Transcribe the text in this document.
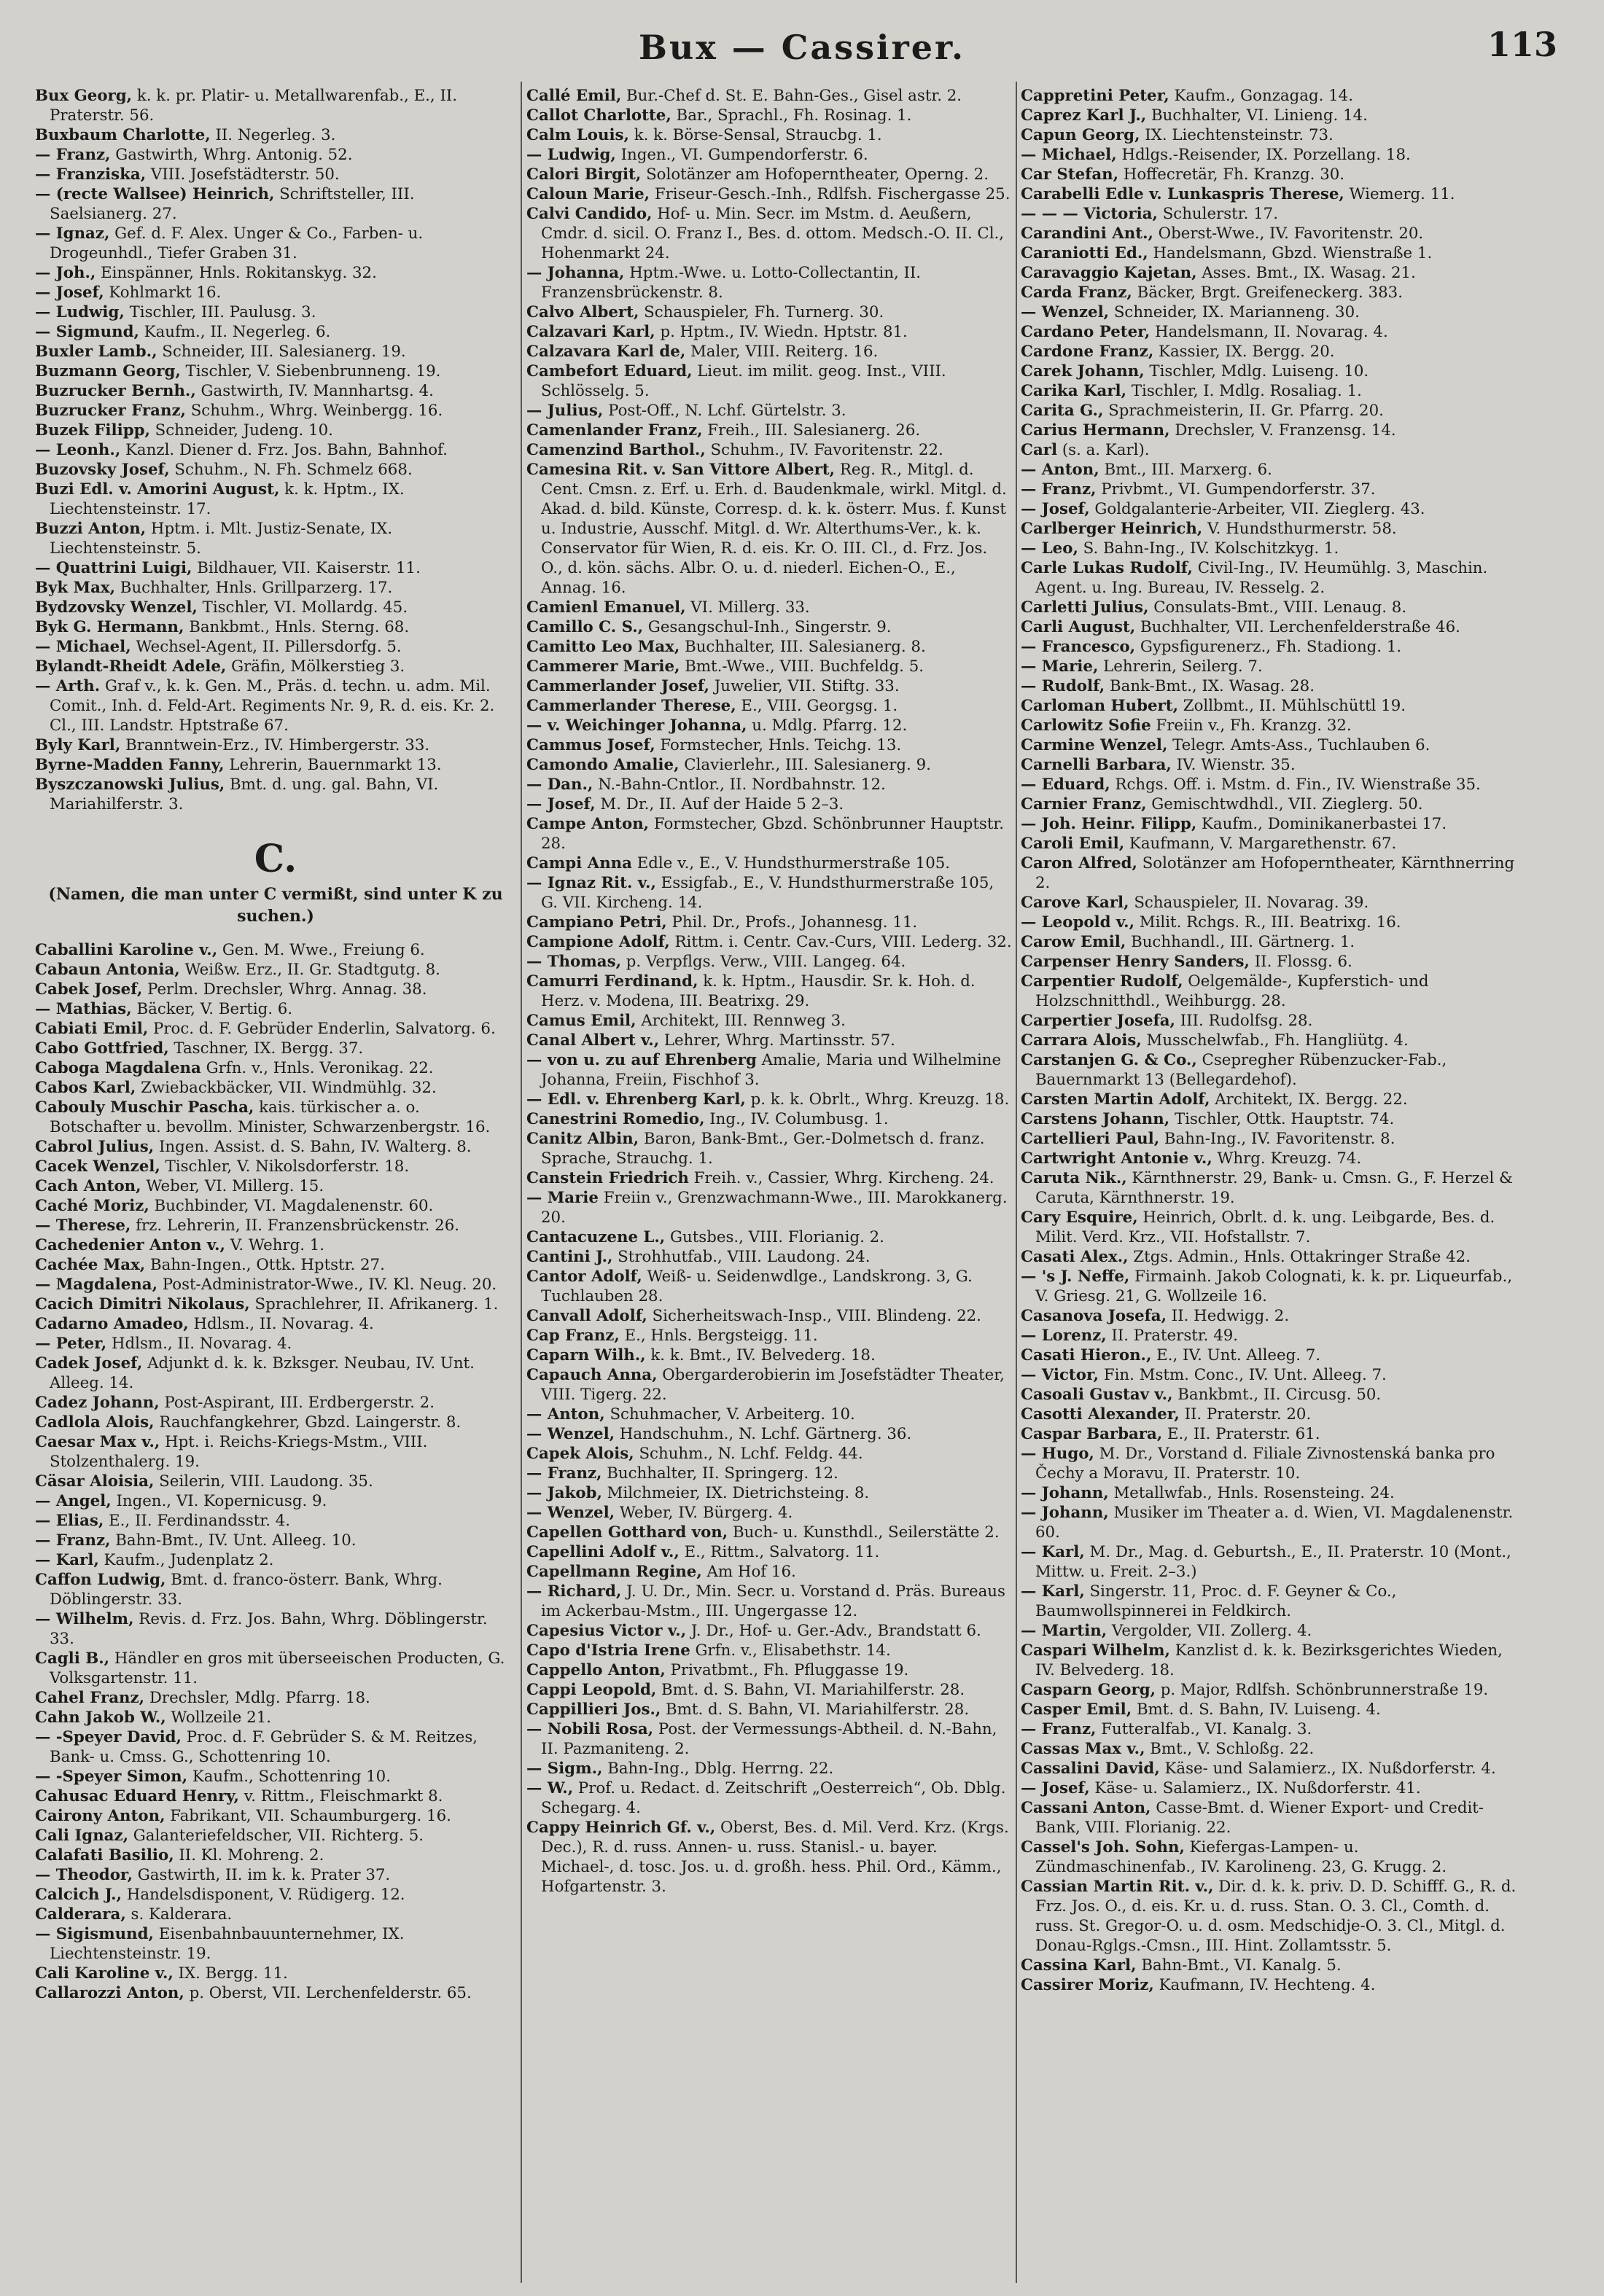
Bux — Cassirer.	113

Bux Georg, k. k. pr. Platir- u. Metallwarenfab., E., II. Praterstr. 56.

Buxbaum Charlotte, II. Negerleg. 3.

— Franz, Gastwirth, Whrg. Antonig. 52.

— Franziska, VIII. Josefstädterstr. 50.

— (recte Wallsee) Heinrich, Schriftsteller, III. Saelsianerg. 27.

— Ignaz, Gef. d. F. Alex. Unger & Co., Farben- u. Drogeunhdl., Tiefer Graben 31.

— Joh., Einspänner, Hnls. Rokitanskyg. 32.

— Josef, Kohlmarkt 16.

— Ludwig, Tischler, III. Paulusg. 3.

— Sigmund, Kaufm., II. Negerleg. 6.

Buxler Lamb., Schneider, III. Salesianerg. 19.

Buzmann Georg, Tischler, V. Siebenbrunneng. 19.

Buzrucker Bernh., Gastwirth, IV. Mannhartsg. 4.

Buzrucker Franz, Schuhm., Whrg. Weinbergg. 16.

Buzek Filipp, Schneider, Judeng. 10.

— Leonh., Kanzl. Diener d. Frz. Jos. Bahn, Bahnhof.

Buzovsky Josef, Schuhm., N. Fh. Schmelz 668.

Buzi Edl. v. Amorini August, k. k. Hptm., IX. Liechtensteinstr. 17.

Buzzi Anton, Hptm. i. Mlt. Justiz-Senate, IX. Liechtensteinstr. 5.

— Quattrini Luigi, Bildhauer, VII. Kaiserstr. 11.

Byk Max, Buchhalter, Hnls. Grillparzerg. 17.

Bydzovsky Wenzel, Tischler, VI. Mollardg. 45.

Byk G. Hermann, Bankbmt., Hnls. Sterng. 68.

— Michael, Wechsel-Agent, II. Pillersdorfg. 5.

Bylandt-Rheidt Adele, Gräfin, Mölkerstieg 3.

— Arth. Graf v., k. k. Gen. M., Präs. d. techn. u. adm. Mil. Comit., Inh. d. Feld-Art. Regiments Nr. 9, R. d. eis. Kr. 2. Cl., III. Landstr. Hptstraße 67.

Byly Karl, Branntwein-Erz., IV. Himbergerstr. 33.

Byrne-Madden Fanny, Lehrerin, Bauernmarkt 13.

Byszczanowski Julius, Bmt. d. ung. gal. Bahn, VI. Mariahilferstr. 3.

C.
(Namen, die man unter C vermißt, sind unter K zu suchen.)

Caballini Karoline v., Gen. M. Wwe., Freiung 6.

Cabaun Antonia, Weißw. Erz., II. Gr. Stadtgutg. 8.

Cabek Josef, Perlm. Drechsler, Whrg. Annag. 38.

— Mathias, Bäcker, V. Bertig. 6.

Cabiati Emil, Proc. d. F. Gebrüder Enderlin, Salvatorg. 6.

Cabo Gottfried, Taschner, IX. Bergg. 37.

Caboga Magdalena Grfn. v., Hnls. Veronikag. 22.

Cabos Karl, Zwiebackbäcker, VII. Windmühlg. 32.

Cabouly Muschir Pascha, kais. türkischer a. o. Botschafter u. bevollm. Minister, Schwarzenbergstr. 16.

Cabrol Julius, Ingen. Assist. d. S. Bahn, IV. Walterg. 8.

Cacek Wenzel, Tischler, V. Nikolsdorferstr. 18.

Cach Anton, Weber, VI. Millerg. 15.

Caché Moriz, Buchbinder, VI. Magdalenenstr. 60.

— Therese, frz. Lehrerin, II. Franzensbrückenstr. 26.

Cachedenier Anton v., V. Wehrg. 1.

Cachée Max, Bahn-Ingen., Ottk. Hptstr. 27.

— Magdalena, Post-Administrator-Wwe., IV. Kl. Neug. 20.

Cacich Dimitri Nikolaus, Sprachlehrer, II. Afrikanerg. 1.

Cadarno Amadeo, Hdlsm., II. Novarag. 4.

— Peter, Hdlsm., II. Novarag. 4.

Cadek Josef, Adjunkt d. k. k. Bzksger. Neubau, IV. Unt. Alleeg. 14.

Cadez Johann, Post-Aspirant, III. Erdbergerstr. 2.

Cadlola Alois, Rauchfangkehrer, Gbzd. Laingerstr. 8.

Caesar Max v., Hpt. i. Reichs-Kriegs-Mstm., VIII. Stolzenthalerg. 19.

Cäsar Aloisia, Seilerin, VIII. Laudong. 35.

— Angel, Ingen., VI. Kopernicusg. 9.

— Elias, E., II. Ferdinandsstr. 4.

— Franz, Bahn-Bmt., IV. Unt. Alleeg. 10.

— Karl, Kaufm., Judenplatz 2.

Caffon Ludwig, Bmt. d. franco-österr. Bank, Whrg. Döblingerstr. 33.

— Wilhelm, Revis. d. Frz. Jos. Bahn, Whrg. Döblingerstr. 33.

Cagli B., Händler en gros mit überseeischen Producten, G. Volksgartenstr. 11.

Cahel Franz, Drechsler, Mdlg. Pfarrg. 18.

Cahn Jakob W., Wollzeile 21.

— -Speyer David, Proc. d. F. Gebrüder S. & M. Reitzes, Bank- u. Cmss. G., Schottenring 10.

— -Speyer Simon, Kaufm., Schottenring 10.

Cahusac Eduard Henry, v. Rittm., Fleischmarkt 8.

Cairony Anton, Fabrikant, VII. Schaumburgerg. 16.

Cali Ignaz, Galanteriefeldscher, VII. Richterg. 5.

Calafati Basilio, II. Kl. Mohreng. 2.

— Theodor, Gastwirth, II. im k. k. Prater 37.

Calcich J., Handelsdisponent, V. Rüdigerg. 12.

Calderara, s. Kalderara.

— Sigismund, Eisenbahnbauunternehmer, IX. Liechtensteinstr. 19.

Cali Karoline v., IX. Bergg. 11.

Callarozzi Anton, p. Oberst, VII. Lerchenfelderstr. 65.

Callé Emil, Bur.-Chef d. St. E. Bahn-Ges., Gisel astr. 2.

Callot Charlotte, Bar., Sprachl., Fh. Rosinag. 1.

Calm Louis, k. k. Börse-Sensal, Straucbg. 1.

— Ludwig, Ingen., VI. Gumpendorferstr. 6.

Calori Birgit, Solotänzer am Hofoperntheater, Operng. 2.

Caloun Marie, Friseur-Gesch.-Inh., Rdlfsh. Fischergasse 25.

Calvi Candido, Hof- u. Min. Secr. im Mstm. d. Aeußern, Cmdr. d. sicil. O. Franz I., Bes. d. ottom. Medsch.-O. II. Cl., Hohenmarkt 24.

— Johanna, Hptm.-Wwe. u. Lotto-Collectantin, II. Franzensbrückenstr. 8.

Calvo Albert, Schauspieler, Fh. Turnerg. 30.

Calzavari Karl, p. Hptm., IV. Wiedn. Hptstr. 81.

Calzavara Karl de, Maler, VIII. Reiterg. 16.

Cambefort Eduard, Lieut. im milit. geog. Inst., VIII. Schlösselg. 5.

— Julius, Post-Off., N. Lchf. Gürtelstr. 3.

Camenlander Franz, Freih., III. Salesianerg. 26.

Camenzind Barthol., Schuhm., IV. Favoritenstr. 22.

Camesina Rit. v. San Vittore Albert, Reg. R., Mitgl. d. Cent. Cmsn. z. Erf. u. Erh. d. Baudenkmale, wirkl. Mitgl. d. Akad. d. bild. Künste, Corresp. d. k. k. österr. Mus. f. Kunst u. Industrie, Ausschf. Mitgl. d. Wr. Alterthums-Ver., k. k. Conservator für Wien, R. d. eis. Kr. O. III. Cl., d. Frz. Jos. O., d. kön. sächs. Albr. O. u. d. niederl. Eichen-O., E., Annag. 16.

Camienl Emanuel, VI. Millerg. 33.

Camillo C. S., Gesangschul-Inh., Singerstr. 9.

Camitto Leo Max, Buchhalter, III. Salesianerg. 8.

Cammerer Marie, Bmt.-Wwe., VIII. Buchfeldg. 5.

Cammerlander Josef, Juwelier, VII. Stiftg. 33.

Cammerlander Therese, E., VIII. Georgsg. 1.

— v. Weichinger Johanna, u. Mdlg. Pfarrg. 12.

Cammus Josef, Formstecher, Hnls. Teichg. 13.

Camondo Amalie, Clavierlehr., III. Salesianerg. 9.

— Dan., N.-Bahn-Cntlor., II. Nordbahnstr. 12.

— Josef, M. Dr., II. Auf der Haide 5 2–3.

Campe Anton, Formstecher, Gbzd. Schönbrunner Hauptstr. 28.

Campi Anna Edle v., E., V. Hundsthurmerstraße 105.

— Ignaz Rit. v., Essigfab., E., V. Hundsthurmerstraße 105, G. VII. Kircheng. 14.

Campiano Petri, Phil. Dr., Profs., Johannesg. 11.

Campione Adolf, Rittm. i. Centr. Cav.-Curs, VIII. Lederg. 32.

— Thomas, p. Verpflgs. Verw., VIII. Langeg. 64.

Camurri Ferdinand, k. k. Hptm., Hausdir. Sr. k. Hoh. d. Herz. v. Modena, III. Beatrixg. 29.

Camus Emil, Architekt, III. Rennweg 3.

Canal Albert v., Lehrer, Whrg. Martinsstr. 57.

— von u. zu auf Ehrenberg Amalie, Maria und Wilhelmine Johanna, Freiin, Fischhof 3.

— Edl. v. Ehrenberg Karl, p. k. k. Obrlt., Whrg. Kreuzg. 18.

Canestrini Romedio, Ing., IV. Columbusg. 1.

Canitz Albin, Baron, Bank-Bmt., Ger.-Dolmetsch d. franz. Sprache, Strauchg. 1.

Canstein Friedrich Freih. v., Cassier, Whrg. Kircheng. 24.

— Marie Freiin v., Grenzwachmann-Wwe., III. Marokkanerg. 20.

Cantacuzene L., Gutsbes., VIII. Florianig. 2.

Cantini J., Strohhutfab., VIII. Laudong. 24.

Cantor Adolf, Weiß- u. Seidenwdlge., Landskrong. 3, G. Tuchlauben 28.

Canvall Adolf, Sicherheitswach-Insp., VIII. Blindeng. 22.

Cap Franz, E., Hnls. Bergsteigg. 11.

Caparn Wilh., k. k. Bmt., IV. Belvederg. 18.

Capauch Anna, Obergarderobierin im Josefstädter Theater, VIII. Tigerg. 22.

— Anton, Schuhmacher, V. Arbeiterg. 10.

— Wenzel, Handschuhm., N. Lchf. Gärtnerg. 36.

Capek Alois, Schuhm., N. Lchf. Feldg. 44.

— Franz, Buchhalter, II. Springerg. 12.

— Jakob, Milchmeier, IX. Dietrichsteing. 8.

— Wenzel, Weber, IV. Bürgerg. 4.

Capellen Gotthard von, Buch- u. Kunsthdl., Seilerstätte 2.

Capellini Adolf v., E., Rittm., Salvatorg. 11.

Capellmann Regine, Am Hof 16.

— Richard, J. U. Dr., Min. Secr. u. Vorstand d. Präs. Bureaus im Ackerbau-Mstm., III. Ungergasse 12.

Capesius Victor v., J. Dr., Hof- u. Ger.-Adv., Brandstatt 6.

Capo d'Istria Irene Grfn. v., Elisabethstr. 14.

Cappello Anton, Privatbmt., Fh. Pfluggasse 19.

Cappi Leopold, Bmt. d. S. Bahn, VI. Mariahilferstr. 28.

Cappillieri Jos., Bmt. d. S. Bahn, VI. Mariahilferstr. 28.

— Nobili Rosa, Post. der Vermessungs-Abtheil. d. N.-Bahn, II. Pazmaniteng. 2.

— Sigm., Bahn-Ing., Dblg. Herrng. 22.

— W., Prof. u. Redact. d. Zeitschrift „Oesterreich“, Ob. Dblg. Schegarg. 4.

Cappy Heinrich Gf. v., Oberst, Bes. d. Mil. Verd. Krz. (Krgs. Dec.), R. d. russ. Annen- u. russ. Stanisl.- u. bayer. Michael-, d. tosc. Jos. u. d. großh. hess. Phil. Ord., Kämm., Hofgartenstr. 3.

Cappretini Peter, Kaufm., Gonzagag. 14.

Caprez Karl J., Buchhalter, VI. Linieng. 14.

Capun Georg, IX. Liechtensteinstr. 73.

— Michael, Hdlgs.-Reisender, IX. Porzellang. 18.

Car Stefan, Hoffecretär, Fh. Kranzg. 30.

Carabelli Edle v. Lunkaspris Therese, Wiemerg. 11.

— — — Victoria, Schulerstr. 17.

Carandini Ant., Oberst-Wwe., IV. Favoritenstr. 20.

Caraniotti Ed., Handelsmann, Gbzd. Wienstraße 1.

Caravaggio Kajetan, Asses. Bmt., IX. Wasag. 21.

Carda Franz, Bäcker, Brgt. Greifeneckerg. 383.

— Wenzel, Schneider, IX. Marianneng. 30.

Cardano Peter, Handelsmann, II. Novarag. 4.

Cardone Franz, Kassier, IX. Bergg. 20.

Carek Johann, Tischler, Mdlg. Luiseng. 10.

Carika Karl, Tischler, I. Mdlg. Rosaliag. 1.

Carita G., Sprachmeisterin, II. Gr. Pfarrg. 20.

Carius Hermann, Drechsler, V. Franzensg. 14.

Carl (s. a. Karl).

— Anton, Bmt., III. Marxerg. 6.

— Franz, Privbmt., VI. Gumpendorferstr. 37.

— Josef, Goldgalanterie-Arbeiter, VII. Zieglerg. 43.

Carlberger Heinrich, V. Hundsthurmerstr. 58.

— Leo, S. Bahn-Ing., IV. Kolschitzkyg. 1.

Carle Lukas Rudolf, Civil-Ing., IV. Heumühlg. 3, Maschin. Agent. u. Ing. Bureau, IV. Resselg. 2.

Carletti Julius, Consulats-Bmt., VIII. Lenaug. 8.

Carli August, Buchhalter, VII. Lerchenfelderstraße 46.

— Francesco, Gypsfigurenerz., Fh. Stadiong. 1.

— Marie, Lehrerin, Seilerg. 7.

— Rudolf, Bank-Bmt., IX. Wasag. 28.

Carloman Hubert, Zollbmt., II. Mühlschüttl 19.

Carlowitz Sofie Freiin v., Fh. Kranzg. 32.

Carmine Wenzel, Telegr. Amts-Ass., Tuchlauben 6.

Carnelli Barbara, IV. Wienstr. 35.

— Eduard, Rchgs. Off. i. Mstm. d. Fin., IV. Wienstraße 35.

Carnier Franz, Gemischtwdhdl., VII. Zieglerg. 50.

— Joh. Heinr. Filipp, Kaufm., Dominikanerbastei 17.

Caroli Emil, Kaufmann, V. Margarethenstr. 67.

Caron Alfred, Solotänzer am Hofoperntheater, Kärnthnerring 2.

Carove Karl, Schauspieler, II. Novarag. 39.

— Leopold v., Milit. Rchgs. R., III. Beatrixg. 16.

Carow Emil, Buchhandl., III. Gärtnerg. 1.

Carpenser Henry Sanders, II. Flossg. 6.

Carpentier Rudolf, Oelgemälde-, Kupferstich- und Holzschnitthdl., Weihburgg. 28.

Carpertier Josefa, III. Rudolfsg. 28.

Carrara Alois, Musschelwfab., Fh. Hangliütg. 4.

Carstanjen G. & Co., Csepregher Rübenzucker-Fab., Bauernmarkt 13 (Bellegardehof).

Carsten Martin Adolf, Architekt, IX. Bergg. 22.

Carstens Johann, Tischler, Ottk. Hauptstr. 74.

Cartellieri Paul, Bahn-Ing., IV. Favoritenstr. 8.

Cartwright Antonie v., Whrg. Kreuzg. 74.

Caruta Nik., Kärnthnerstr. 29, Bank- u. Cmsn. G., F. Herzel & Caruta, Kärnthnerstr. 19.

Cary Esquire, Heinrich, Obrlt. d. k. ung. Leibgarde, Bes. d. Milit. Verd. Krz., VII. Hofstallstr. 7.

Casati Alex., Ztgs. Admin., Hnls. Ottakringer Straße 42.

— 's J. Neffe, Firmainh. Jakob Colognati, k. k. pr. Liqueurfab., V. Griesg. 21, G. Wollzeile 16.

Casanova Josefa, II. Hedwigg. 2.

— Lorenz, II. Praterstr. 49.

Casati Hieron., E., IV. Unt. Alleeg. 7.

— Victor, Fin. Mstm. Conc., IV. Unt. Alleeg. 7.

Casoali Gustav v., Bankbmt., II. Circusg. 50.

Casotti Alexander, II. Praterstr. 20.

Caspar Barbara, E., II. Praterstr. 61.

— Hugo, M. Dr., Vorstand d. Filiale Zivnostenská banka pro Čechy a Moravu, II. Praterstr. 10.

— Johann, Metallwfab., Hnls. Rosensteing. 24.

— Johann, Musiker im Theater a. d. Wien, VI. Magdalenenstr. 60.

— Karl, M. Dr., Mag. d. Geburtsh., E., II. Praterstr. 10 (Mont., Mittw. u. Freit. 2–3.)

— Karl, Singerstr. 11, Proc. d. F. Geyner & Co., Baumwollspinnerei in Feldkirch.

— Martin, Vergolder, VII. Zollerg. 4.

Caspari Wilhelm, Kanzlist d. k. k. Bezirksgerichtes Wieden, IV. Belvederg. 18.

Casparn Georg, p. Major, Rdlfsh. Schönbrunnerstraße 19.

Casper Emil, Bmt. d. S. Bahn, IV. Luiseng. 4.

— Franz, Futteralfab., VI. Kanalg. 3.

Cassas Max v., Bmt., V. Schloßg. 22.

Cassalini David, Käse- und Salamierz., IX. Nußdorferstr. 4.

— Josef, Käse- u. Salamierz., IX. Nußdorferstr. 41.

Cassani Anton, Casse-Bmt. d. Wiener Export- und Credit-Bank, VIII. Florianig. 22.

Cassel's Joh. Sohn, Kiefergas-Lampen- u. Zündmaschinenfab., IV. Karolineng. 23, G. Krugg. 2.

Cassian Martin Rit. v., Dir. d. k. k. priv. D. D. Schifff. G., R. d. Frz. Jos. O., d. eis. Kr. u. d. russ. Stan. O. 3. Cl., Comth. d. russ. St. Gregor-O. u. d. osm. Medschidje-O. 3. Cl., Mitgl. d. Donau-Rglgs.-Cmsn., III. Hint. Zollamtsstr. 5.

Cassina Karl, Bahn-Bmt., VI. Kanalg. 5.

Cassirer Moriz, Kaufmann, IV. Hechteng. 4.
